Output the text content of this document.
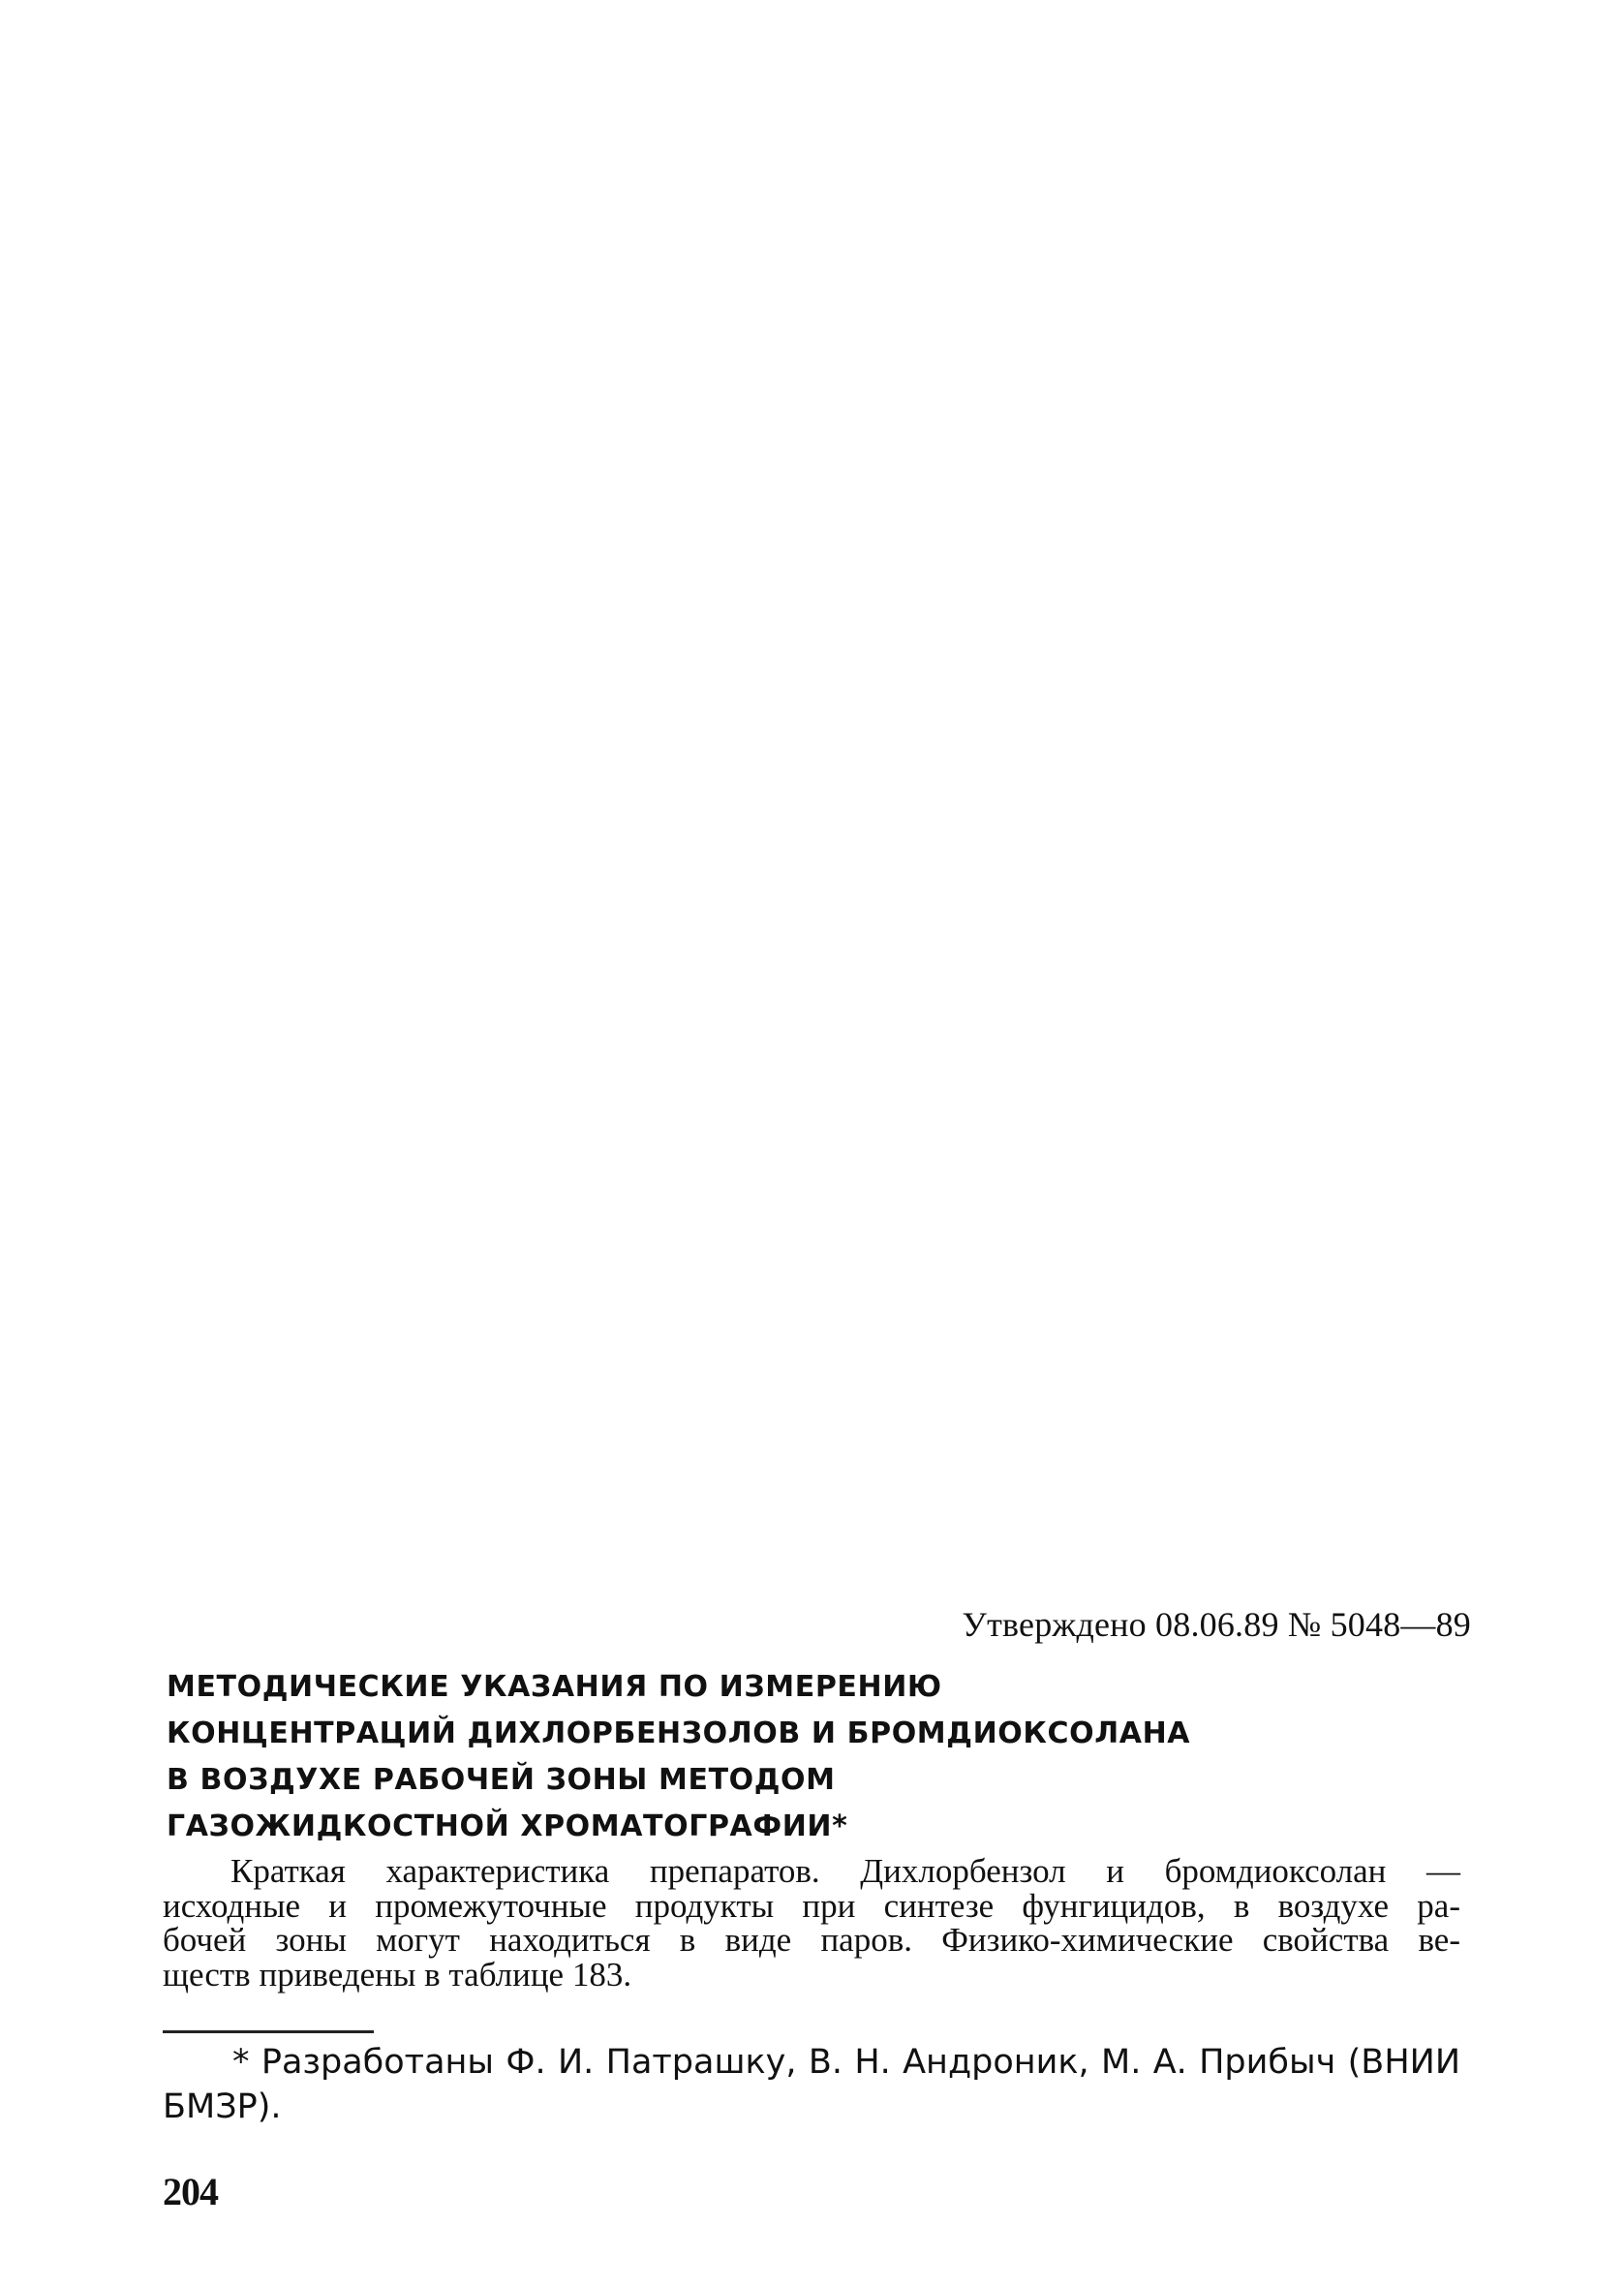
Утверждено 08.06.89 № 5048—89
МЕТОДИЧЕСКИЕ УКАЗАНИЯ ПО ИЗМЕРЕНИЮ
КОНЦЕНТРАЦИЙ ДИХЛОРБЕНЗОЛОВ И БРОМДИОКСОЛАНА
В ВОЗДУХЕ РАБОЧЕЙ ЗОНЫ МЕТОДОМ
ГАЗОЖИДКОСТНОЙ ХРОМАТОГРАФИИ*
Краткая характеристика препаратов. Дихлорбензол и бромдиоксолан —
исходные и промежуточные продукты при синтезе фунгицидов, в воздухе ра-
бочей зоны могут находиться в виде паров. Физико-химические свойства ве-
ществ приведены в таблице 183.
* Разработаны Ф. И. Патрашку, В. Н. Андроник, М. А. Прибыч (ВНИИ
БМЗР).
204
